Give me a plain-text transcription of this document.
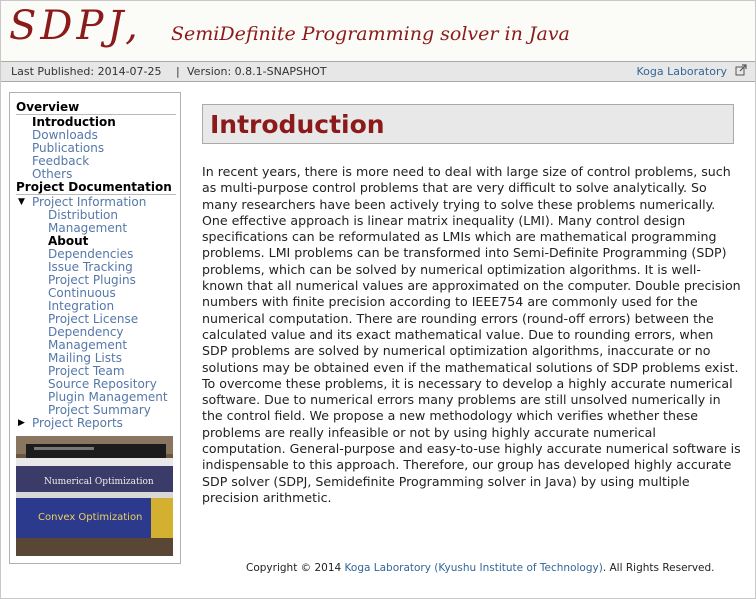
SDPJ, SemiDefinite Programming solver in Java
Last Published: 2014-07-25 | Version: 0.8.1-SNAPSHOT	Koga Laboratory
Overview
Introduction
Downloads
Publications
Feedback
Others
Project Documentation
▼ Project Information
Distribution
Management
About
Dependencies
Issue Tracking
Project Plugins
Continuous
Integration
Project License
Dependency
Management
Mailing Lists
Project Team
Source Repository
Plugin Management
Project Summary
▶ Project Reports
Numerical Optimization
Convex Optimization
Introduction
In recent years, there is more need to deal with large size of control problems, such as multi-purpose control problems that are very difficult to solve analytically. So many researchers have been actively trying to solve these problems numerically. One effective approach is linear matrix inequality (LMI). Many control design specifications can be reformulated as LMIs which are mathematical programming problems. LMI problems can be transformed into Semi-Definite Programming (SDP) problems, which can be solved by numerical optimization algorithms. It is well-known that all numerical values are approximated on the computer. Double precision numbers with finite precision according to IEEE754 are commonly used for the numerical computation. There are rounding errors (round-off errors) between the calculated value and its exact mathematical value. Due to rounding errors, when SDP problems are solved by numerical optimization algorithms, inaccurate or no solutions may be obtained even if the mathematical solutions of SDP problems exist. To overcome these problems, it is necessary to develop a highly accurate numerical software. Due to numerical errors many problems are still unsolved numerically in the control field. We propose a new methodology which verifies whether these problems are really infeasible or not by using highly accurate numerical computation. General-purpose and easy-to-use highly accurate numerical software is indispensable to this approach. Therefore, our group has developed highly accurate SDP solver (SDPJ, Semidefinite Programming solver in Java) by using multiple precision arithmetic.
Copyright © 2014 Koga Laboratory (Kyushu Institute of Technology). All Rights Reserved.
